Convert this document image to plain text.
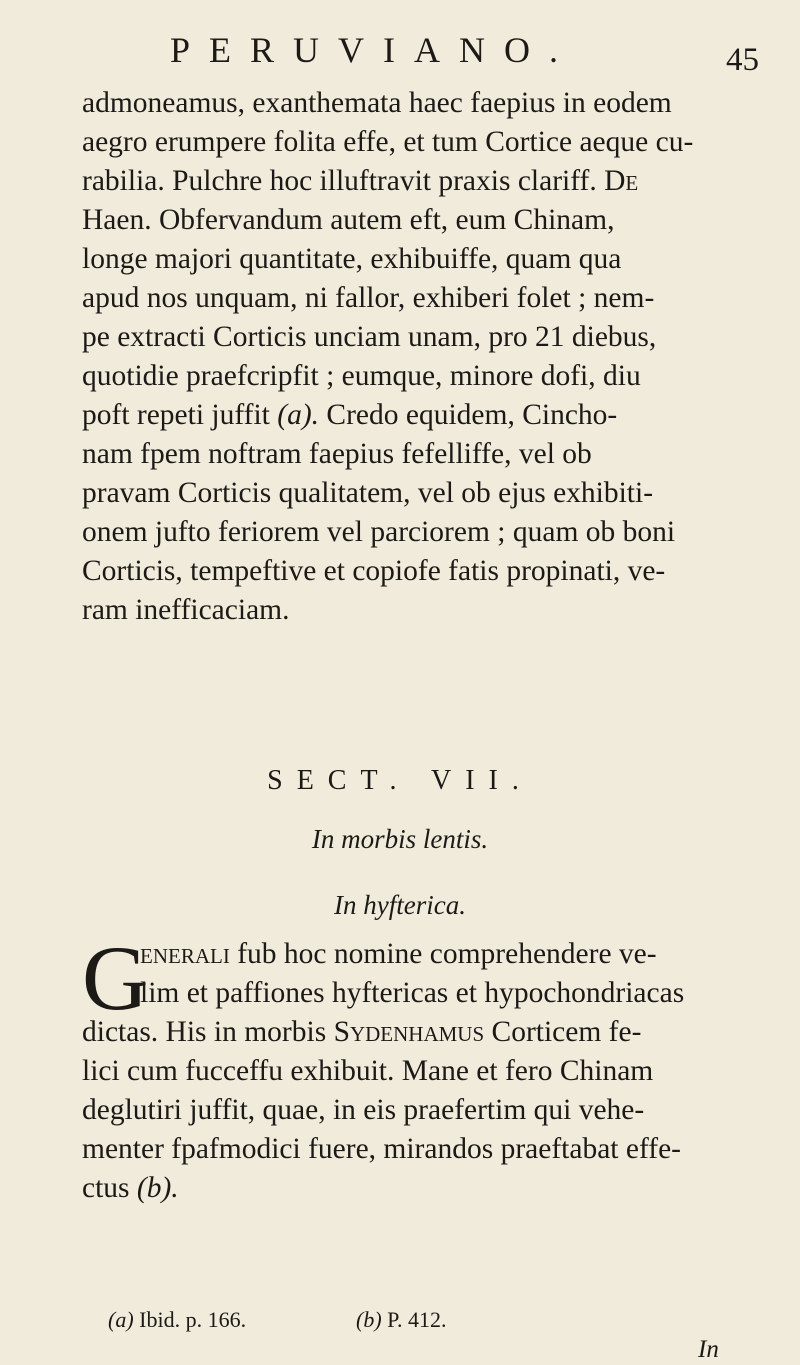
PERUVIANO.	45
admoneamus, exanthemata haec faepius in eodem
aegro erumpere folita effe, et tum Cortice aeque cu-
rabilia. Pulchre hoc illuftravit praxis clariff. De
Haen. Obfervandum autem eft, eum Chinam,
longe majori quantitate, exhibuiffe, quam qua
apud nos unquam, ni fallor, exhiberi folet ; nem-
pe extracti Corticis unciam unam, pro 21 diebus,
quotidie praefcripfit ; eumque, minore dofi, diu
poft repeti juffit (a). Credo equidem, Cincho-
nam fpem noftram faepius fefelliffe, vel ob
pravam Corticis qualitatem, vel ob ejus exhibiti-
onem jufto feriorem vel parciorem ; quam ob boni
Corticis, tempeftive et copiofe fatis propinati, ve-
ram inefficaciam.
SECT. VII.
In morbis lentis.
In hyfterica.
G
enerali fub hoc nomine comprehendere ve-
lim et paffiones hyftericas et hypochondriacas
dictas. His in morbis Sydenhamus Corticem fe-
lici cum fucceffu exhibuit. Mane et fero Chinam
deglutiri juffit, quae, in eis praefertim qui vehe-
menter fpafmodici fuere, mirandos praeftabat effe-
ctus (b).
(a) Ibid. p. 166.	(b) P. 412.
In
